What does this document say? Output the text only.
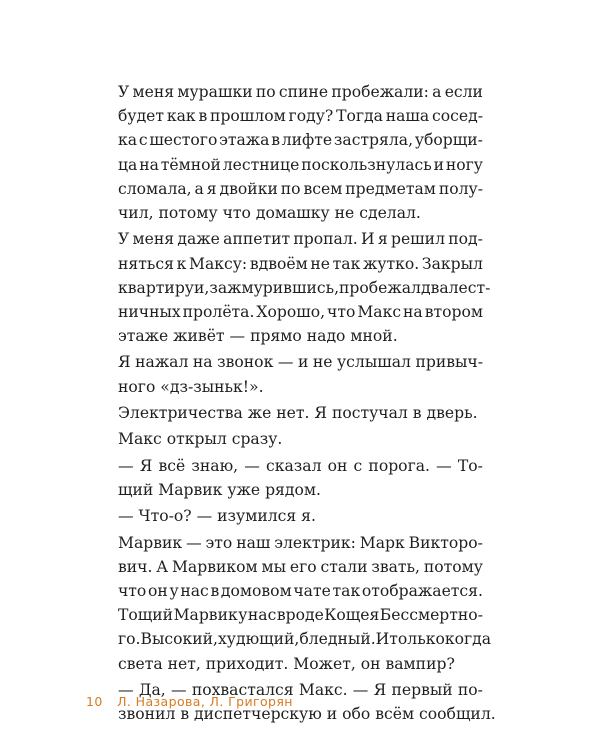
У меня мурашки по спине пробежали: а если
будет как в прошлом году? Тогда наша сосед-
ка с шестого этажа в лифте застряла, уборщи-
ца на тёмной лестнице поскользнулась и ногу
сломала, а я двойки по всем предметам полу-
чил, потому что домашку не сделал.
У меня даже аппетит пропал. И я решил под-
няться к Максу: вдвоём не так жутко. Закрыл
квартиру и, зажмурившись, пробежал два лест-
ничных пролёта. Хорошо, что Макс на втором
этаже живёт — прямо надо мной.
Я нажал на звонок — и не услышал привыч-
ного «дз-зыньк!».
Электричества же нет. Я постучал в дверь.
Макс открыл сразу.
— Я всё знаю, — сказал он с порога. — То-
щий Марвик уже рядом.
— Что-о? — изумился я.
Марвик — это наш электрик: Марк Викторо-
вич. А Марвиком мы его стали звать, потому
что он у нас в домовом чате так отображается.
Тощий Марвик у нас вроде Кощея Бессмертно-
го. Высокий, худющий, бледный. И только когда
света нет, приходит. Может, он вампир?
— Да, — похвастался Макс. — Я первый по-
звонил в диспетчерскую и обо всём сообщил.
10 Л. Назарова, Л. Григорян
